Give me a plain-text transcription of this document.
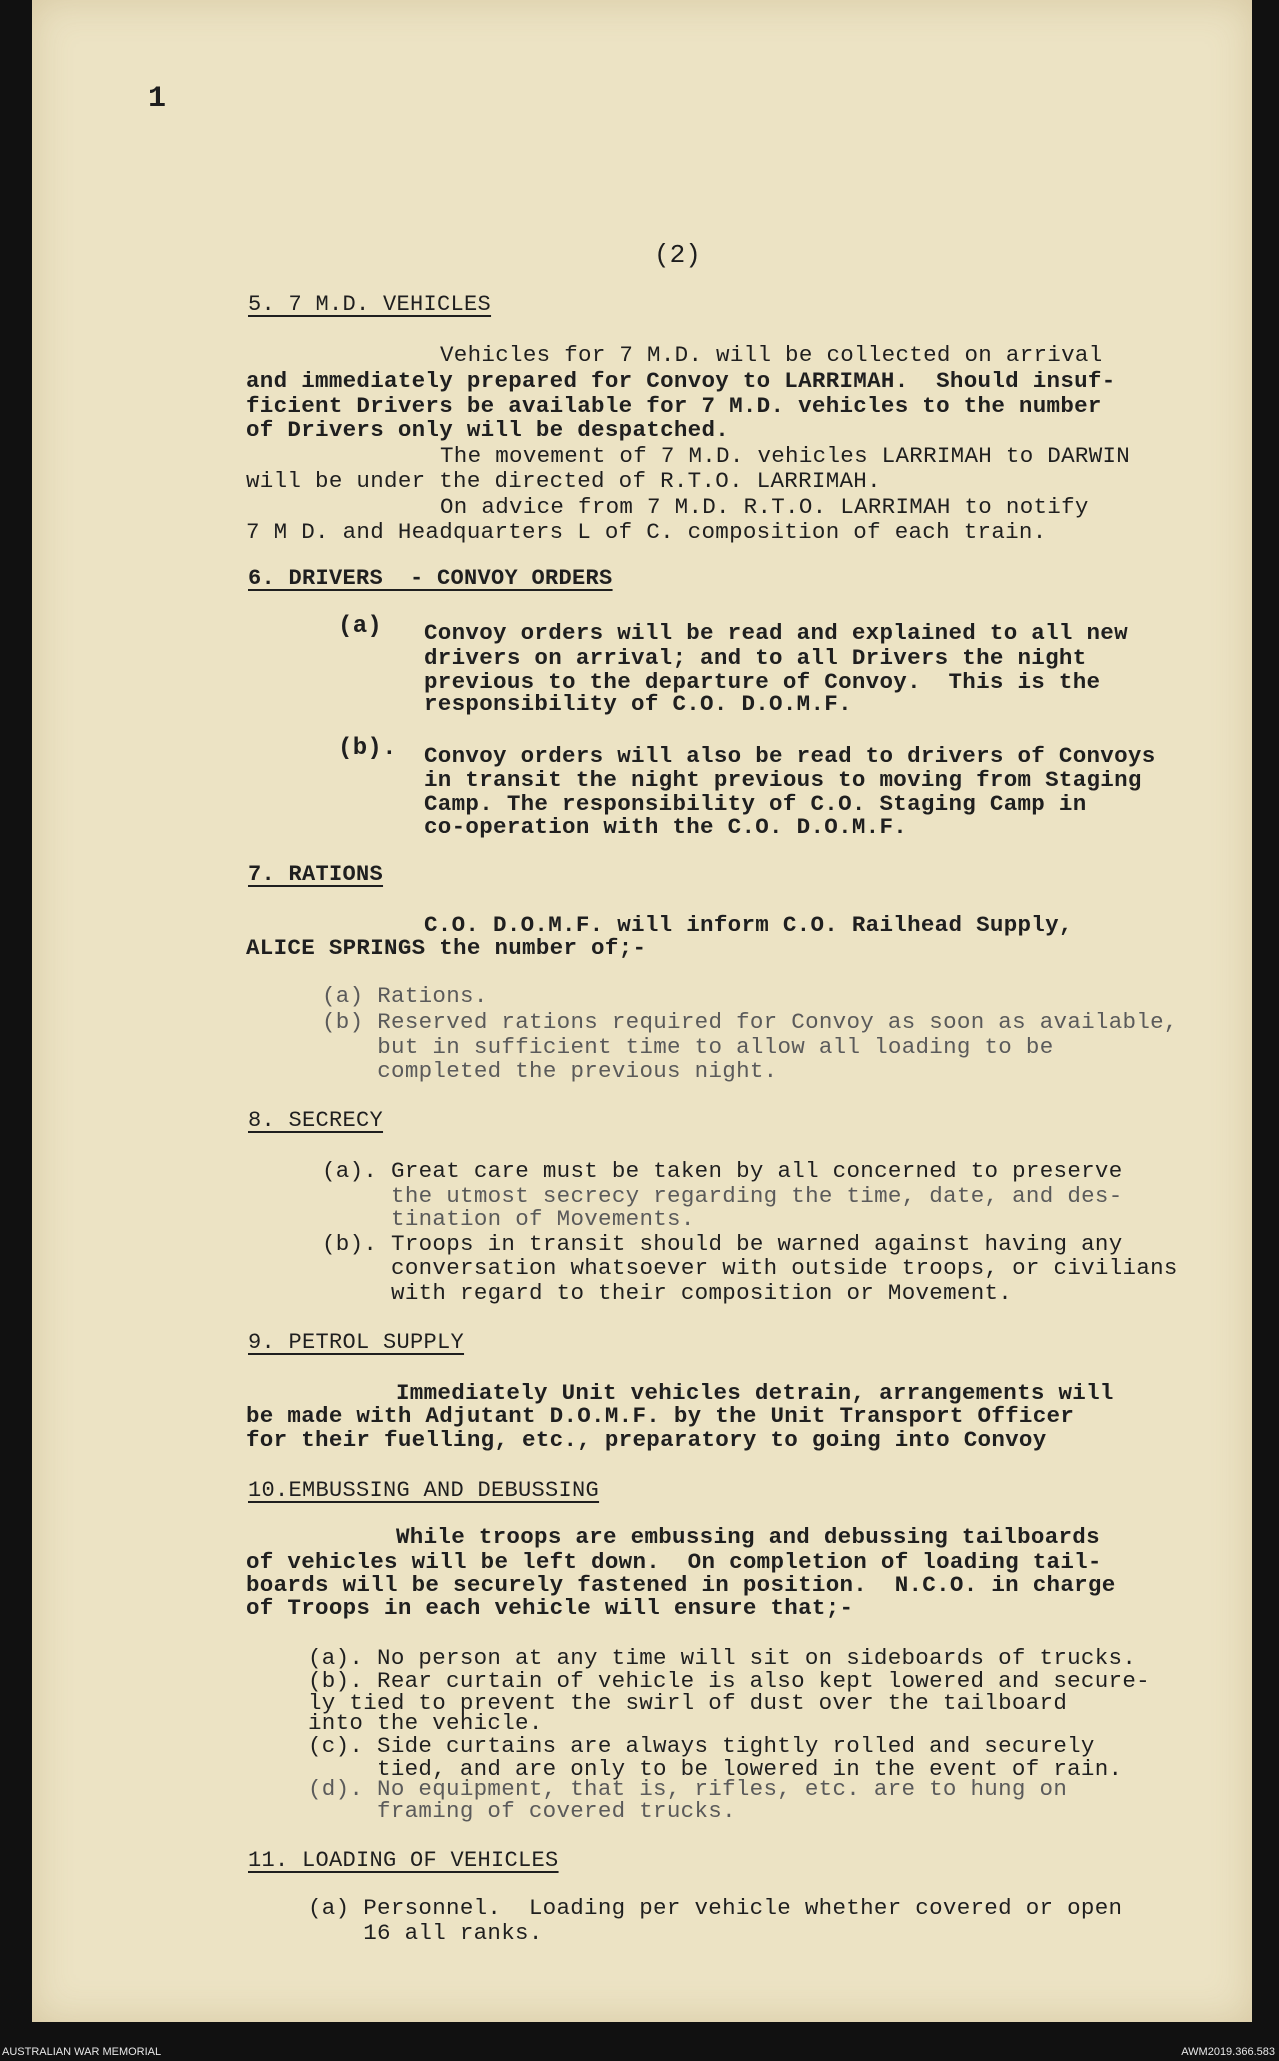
1
(2)

5. 7 M.D. VEHICLES

Vehicles for 7 M.D. will be collected on arrival

and immediately prepared for Convoy to LARRIMAH.  Should insuf-

ficient Drivers be available for 7 M.D. vehicles to the number

of Drivers only will be despatched.

The movement of 7 M.D. vehicles LARRIMAH to DARWIN

will be under the directed of R.T.O. LARRIMAH.

On advice from 7 M.D. R.T.O. LARRIMAH to notify

7 M D. and Headquarters L of C. composition of each train.

6. DRIVERS  - CONVOY ORDERS

(a) Convoy orders will be read and explained to all new

drivers on arrival; and to all Drivers the night

previous to the departure of Convoy.  This is the

responsibility of C.O. D.O.M.F.

(b). Convoy orders will also be read to drivers of Convoys

in transit the night previous to moving from Staging

Camp. The responsibility of C.O. Staging Camp in

co-operation with the C.O. D.O.M.F.

7. RATIONS

C.O. D.O.M.F. will inform C.O. Railhead Supply,

ALICE SPRINGS the number of;-

(a) Rations.

(b) Reserved rations required for Convoy as soon as available,

but in sufficient time to allow all loading to be

completed the previous night.

8. SECRECY

(a). Great care must be taken by all concerned to preserve

the utmost secrecy regarding the time, date, and des-

tination of Movements.

(b). Troops in transit should be warned against having any

conversation whatsoever with outside troops, or civilians

with regard to their composition or Movement.

9. PETROL SUPPLY

Immediately Unit vehicles detrain, arrangements will

be made with Adjutant D.O.M.F. by the Unit Transport Officer

for their fuelling, etc., preparatory to going into Convoy

10.EMBUSSING AND DEBUSSING

While troops are embussing and debussing tailboards

of vehicles will be left down.  On completion of loading tail-

boards will be securely fastened in position.  N.C.O. in charge

of Troops in each vehicle will ensure that;-

(a). No person at any time will sit on sideboards of trucks.

(b). Rear curtain of vehicle is also kept lowered and secure-

ly tied to prevent the swirl of dust over the tailboard

into the vehicle.

(c). Side curtains are always tightly rolled and securely

tied, and are only to be lowered in the event of rain.

(d). No equipment, that is, rifles, etc. are to hung on

framing of covered trucks.

11. LOADING OF VEHICLES

(a) Personnel.  Loading per vehicle whether covered or open

16 all ranks.

AUSTRALIAN WAR MEMORIAL	AWM2019.366.583
